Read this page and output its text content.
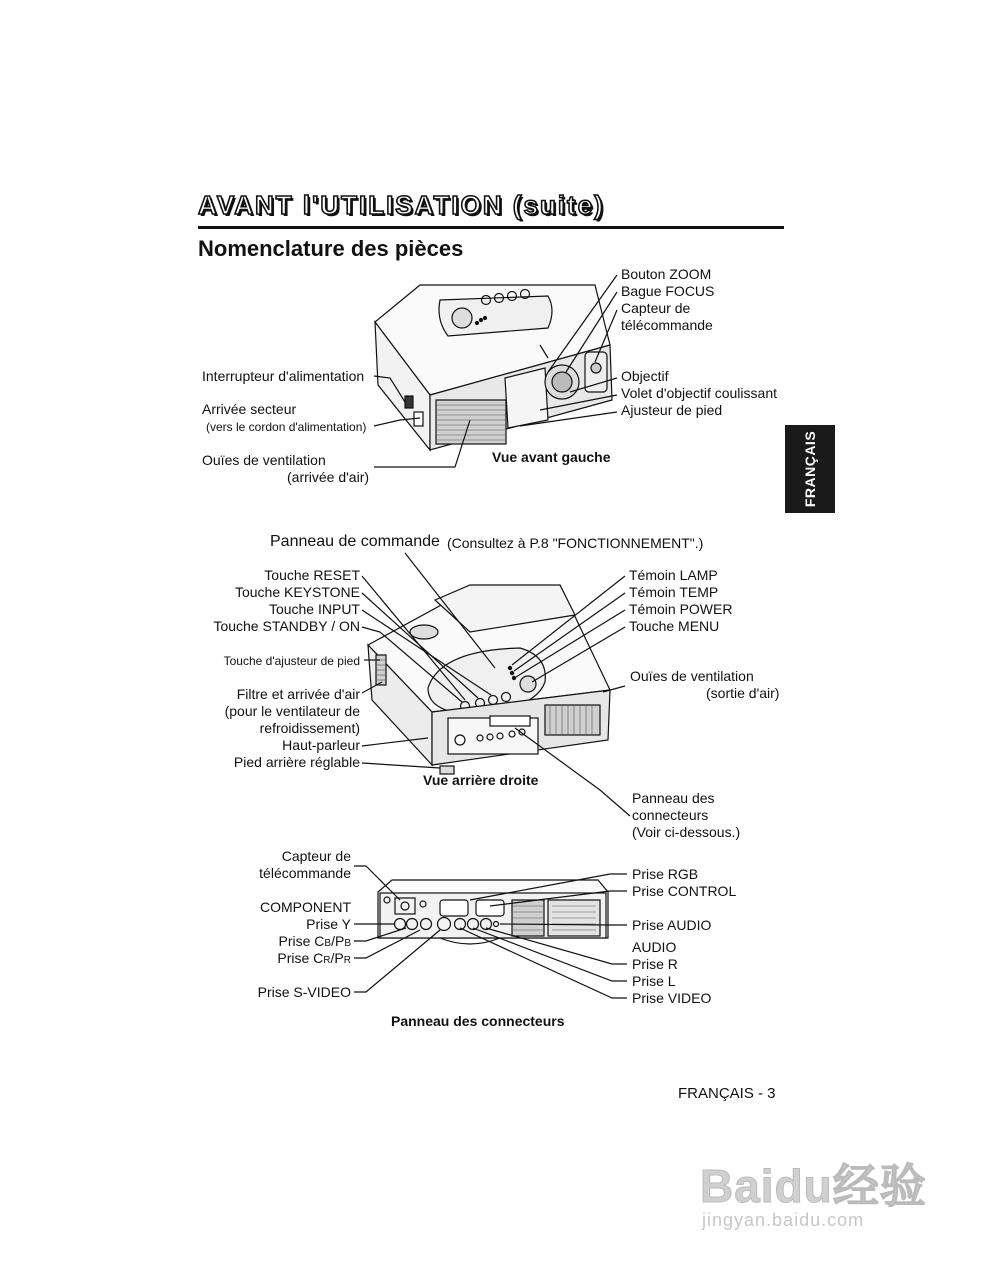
AVANT l'UTILISATION (suite)
Nomenclature des pièces
FRANÇAIS
Bouton ZOOM
Bague FOCUS
Capteur de
télécommande
Objectif
Volet d'objectif coulissant
Ajusteur de pied
Interrupteur d'alimentation
Arrivée secteur
(vers le cordon d'alimentation)
Ouïes de ventilation
(arrivée d'air)
Vue avant gauche
Panneau de commande (Consultez à P.8 "FONCTIONNEMENT".)
Touche RESET
Touche KEYSTONE
Touche INPUT
Touche STANDBY / ON
Touche d'ajusteur de pied
Filtre et arrivée d'air
(pour le ventilateur de
refroidissement)
Haut-parleur
Pied arrière réglable
Témoin LAMP
Témoin TEMP
Témoin POWER
Touche MENU
Ouïes de ventilation
(sortie d'air)
Panneau des
connecteurs
(Voir ci-dessous.)
Vue arrière droite
Capteur de
télécommande
COMPONENT
Prise Y
Prise CB/PB
Prise CR/PR
Prise S-VIDEO
Prise RGB
Prise CONTROL
Prise AUDIO
AUDIO
Prise R
Prise L
Prise VIDEO
Panneau des connecteurs
FRANÇAIS - 3
Baidu经验
jingyan.baidu.com
